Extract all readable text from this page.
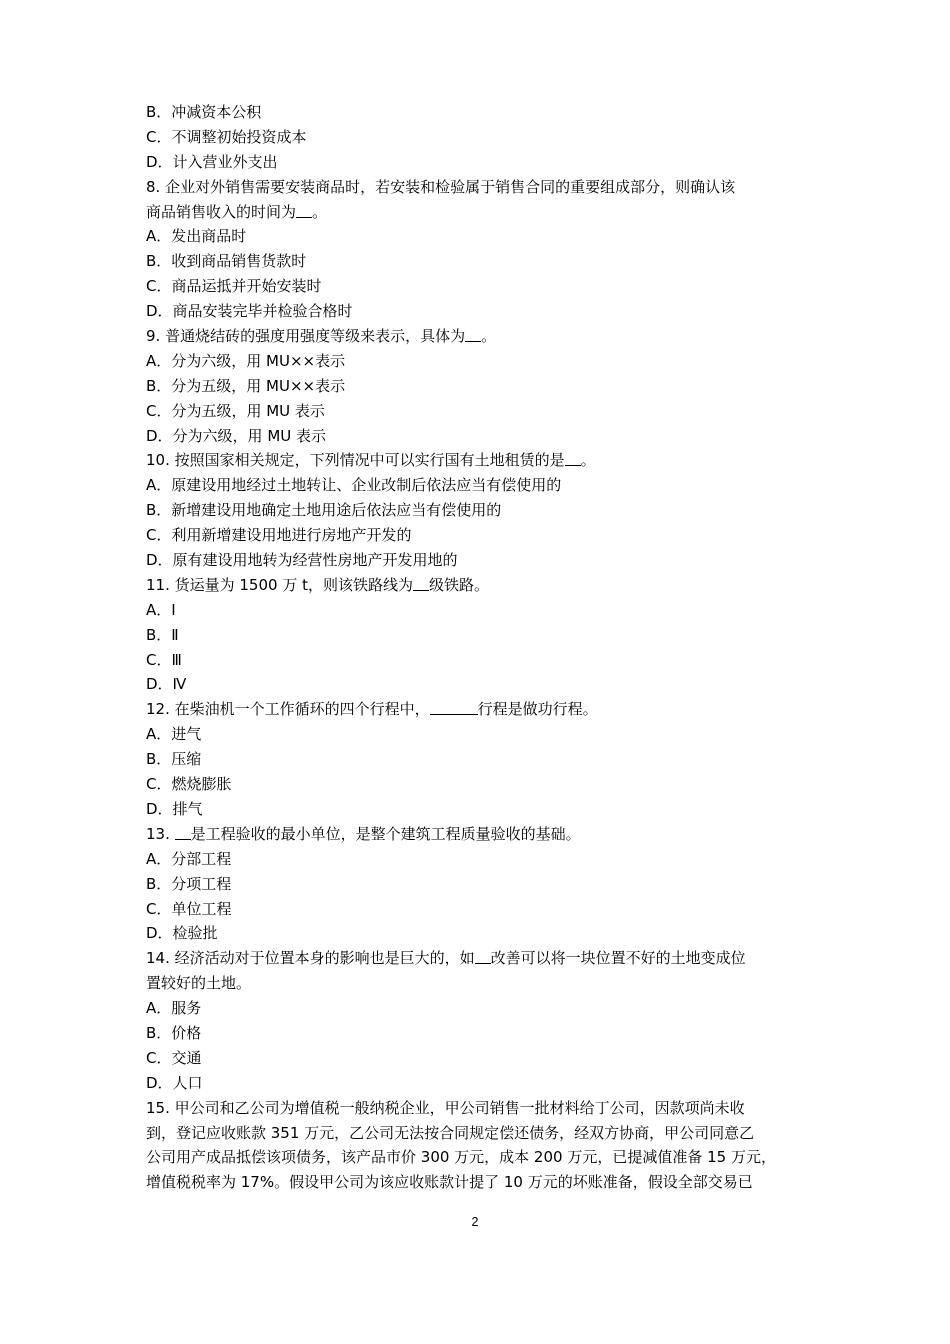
B．冲减资本公积
C．不调整初始投资成本
D．计入营业外支出
8. 企业对外销售需要安装商品时，若安装和检验属于销售合同的重要组成部分，则确认该
商品销售收入的时间为 。
A．发出商品时
B．收到商品销售货款时
C．商品运抵并开始安装时
D．商品安装完毕并检验合格时
9. 普通烧结砖的强度用强度等级来表示，具体为 。
A．分为六级，用 MU××表示
B．分为五级，用 MU××表示
C．分为五级，用 MU 表示
D．分为六级，用 MU 表示
10. 按照国家相关规定，下列情况中可以实行国有土地租赁的是 。
A．原建设用地经过土地转让、企业改制后依法应当有偿使用的
B．新增建设用地确定土地用途后依法应当有偿使用的
C．利用新增建设用地进行房地产开发的
D．原有建设用地转为经营性房地产开发用地的
11. 货运量为 1500 万 t，则该铁路线为 级铁路。
A．Ⅰ
B．Ⅱ
C．Ⅲ
D．Ⅳ
12. 在柴油机一个工作循环的四个行程中，	行程是做功行程。
A．进气
B．压缩
C．燃烧膨胀
D．排气
13. 是工程验收的最小单位，是整个建筑工程质量验收的基础。
A．分部工程
B．分项工程
C．单位工程
D．检验批
14. 经济活动对于位置本身的影响也是巨大的，如 改善可以将一块位置不好的土地变成位
置较好的土地。
A．服务
B．价格
C．交通
D．人口
15. 甲公司和乙公司为增值税一般纳税企业，甲公司销售一批材料给丁公司，因款项尚未收
到，登记应收账款 351 万元，乙公司无法按合同规定偿还债务，经双方协商，甲公司同意乙
公司用产成品抵偿该项债务，该产品市价 300 万元，成本 200 万元，已提减值准备 15 万元，
增值税税率为 17%。假设甲公司为该应收账款计提了 10 万元的坏账准备，假设全部交易已
2
